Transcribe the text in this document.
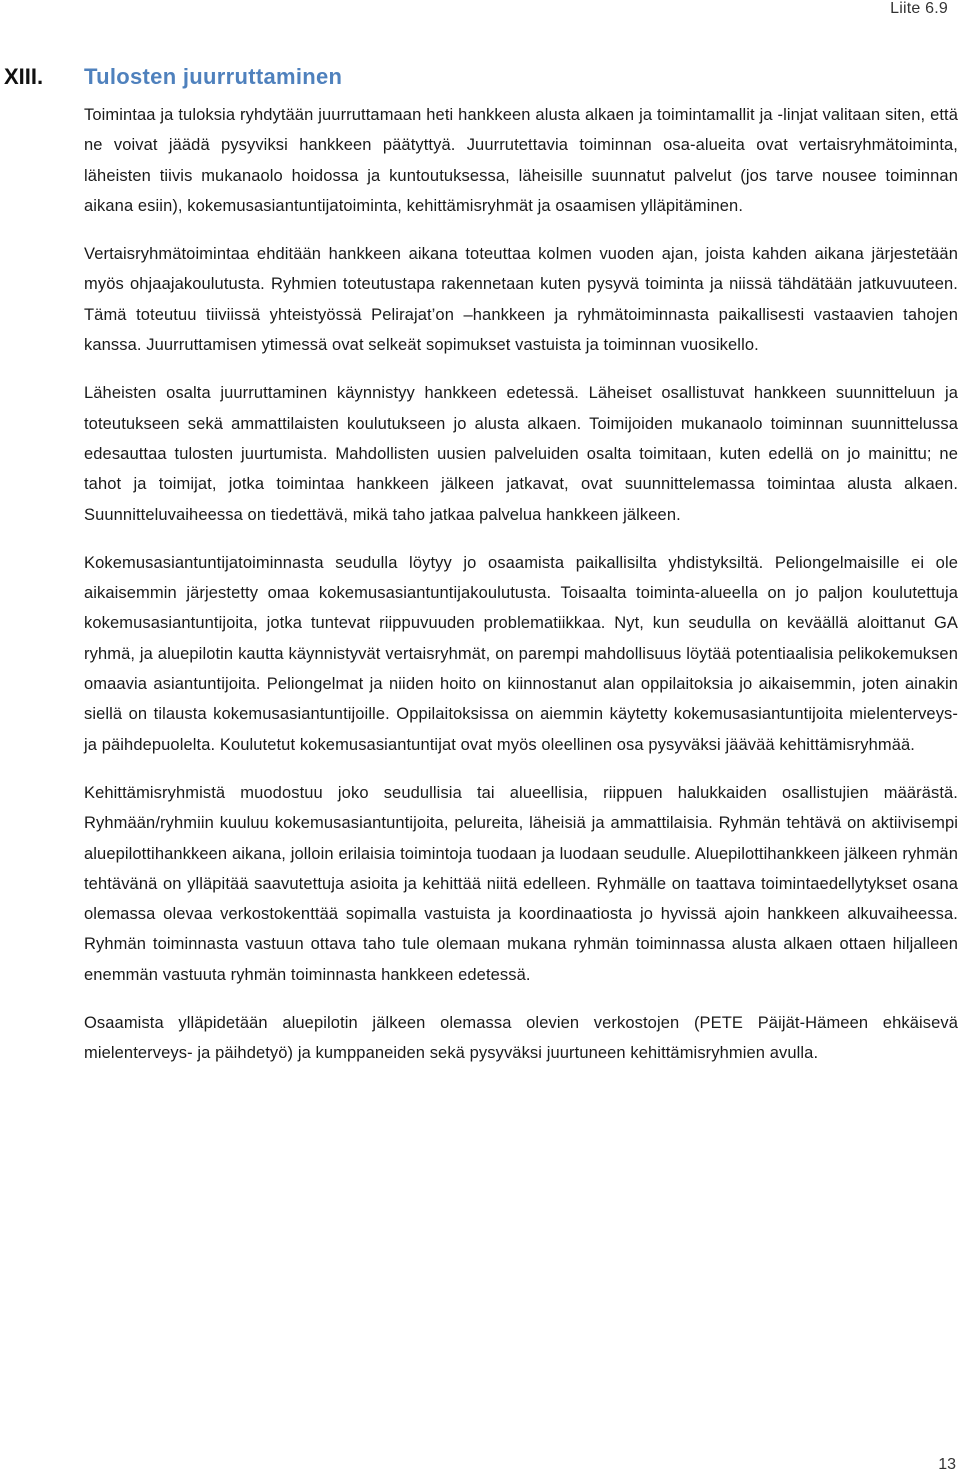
Liite 6.9
XIII. Tulosten juurruttaminen

Toimintaa ja tuloksia ryhdytään juurruttamaan heti hankkeen alusta alkaen ja toimintamallit ja -linjat valitaan siten, että ne voivat jäädä pysyviksi hankkeen päätyttyä. Juurrutettavia toiminnan osa-alueita ovat vertaisryhmätoiminta, läheisten tiivis mukanaolo hoidossa ja kuntoutuksessa, läheisille suunnatut palvelut (jos tarve nousee toiminnan aikana esiin), kokemusasiantuntijatoiminta, kehittämisryhmät ja osaamisen ylläpitäminen.

Vertaisryhmätoimintaa ehditään hankkeen aikana toteuttaa kolmen vuoden ajan, joista kahden aikana järjestetään myös ohjaajakoulutusta. Ryhmien toteutustapa rakennetaan kuten pysyvä toiminta ja niissä tähdätään jatkuvuuteen. Tämä toteutuu tiiviissä yhteistyössä Pelirajat’on –hankkeen ja ryhmätoiminnasta paikallisesti vastaavien tahojen kanssa. Juurruttamisen ytimessä ovat selkeät sopimukset vastuista ja toiminnan vuosikello.

Läheisten osalta juurruttaminen käynnistyy hankkeen edetessä. Läheiset osallistuvat hankkeen suunnitteluun ja toteutukseen sekä ammattilaisten koulutukseen jo alusta alkaen. Toimijoiden mukanaolo toiminnan suunnittelussa edesauttaa tulosten juurtumista. Mahdollisten uusien palveluiden osalta toimitaan, kuten edellä on jo mainittu; ne tahot ja toimijat, jotka toimintaa hankkeen jälkeen jatkavat, ovat suunnittelemassa toimintaa alusta alkaen. Suunnitteluvaiheessa on tiedettävä, mikä taho jatkaa palvelua hankkeen jälkeen.

Kokemusasiantuntijatoiminnasta seudulla löytyy jo osaamista paikallisilta yhdistyksiltä. Peliongelmaisille ei ole aikaisemmin järjestetty omaa kokemusasiantuntijakoulutusta. Toisaalta toiminta-alueella on jo paljon koulutettuja kokemusasiantuntijoita, jotka tuntevat riippuvuuden problematiikkaa. Nyt, kun seudulla on keväällä aloittanut GA ryhmä, ja aluepilotin kautta käynnistyvät vertaisryhmät, on parempi mahdollisuus löytää potentiaalisia pelikokemuksen omaavia asiantuntijoita. Peliongelmat ja niiden hoito on kiinnostanut alan oppilaitoksia jo aikaisemmin, joten ainakin siellä on tilausta kokemusasiantuntijoille. Oppilaitoksissa on aiemmin käytetty kokemusasiantuntijoita mielenterveys- ja päihdepuolelta. Koulutetut kokemusasiantuntijat ovat myös oleellinen osa pysyväksi jäävää kehittämisryhmää.

Kehittämisryhmistä muodostuu joko seudullisia tai alueellisia, riippuen halukkaiden osallistujien määrästä. Ryhmään/ryhmiin kuuluu kokemusasiantuntijoita, pelureita, läheisiä ja ammattilaisia. Ryhmän tehtävä on aktiivisempi aluepilottihankkeen aikana, jolloin erilaisia toimintoja tuodaan ja luodaan seudulle. Aluepilottihankkeen jälkeen ryhmän tehtävänä on ylläpitää saavutettuja asioita ja kehittää niitä edelleen. Ryhmälle on taattava toimintaedellytykset osana olemassa olevaa verkostokenttää sopimalla vastuista ja koordinaatiosta jo hyvissä ajoin hankkeen alkuvaiheessa. Ryhmän toiminnasta vastuun ottava taho tule olemaan mukana ryhmän toiminnassa alusta alkaen ottaen hiljalleen enemmän vastuuta ryhmän toiminnasta hankkeen edetessä.

Osaamista ylläpidetään aluepilotin jälkeen olemassa olevien verkostojen (PETE Päijät-Hämeen ehkäisevä mielenterveys- ja päihdetyö) ja kumppaneiden sekä pysyväksi juurtuneen kehittämisryhmien avulla.

13
